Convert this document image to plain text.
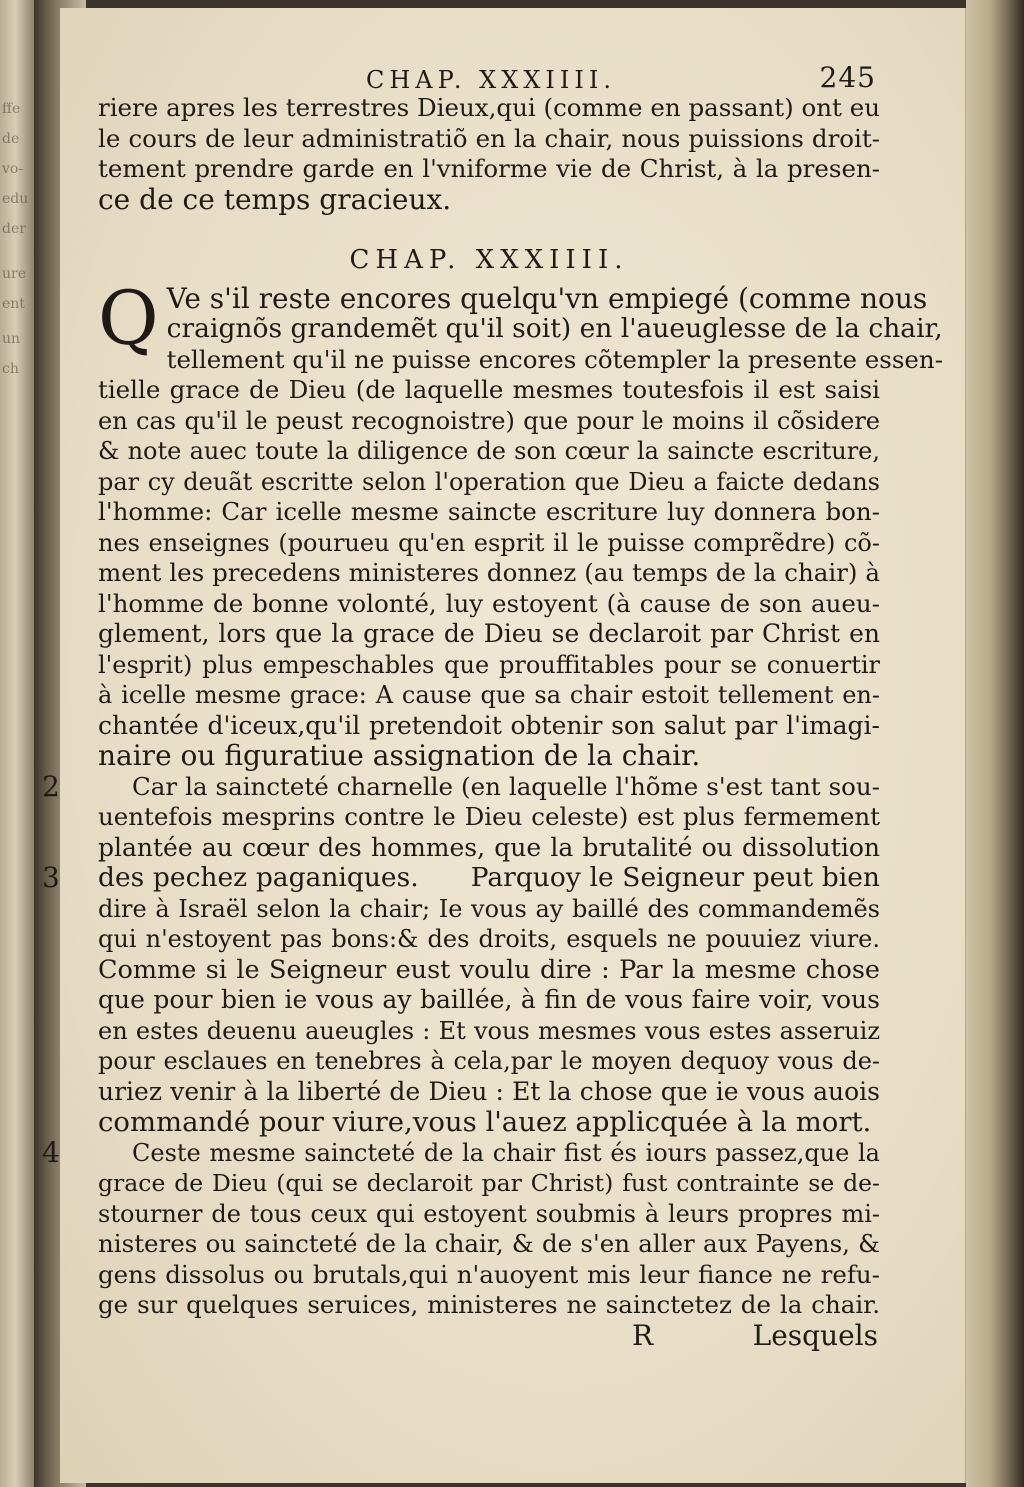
ffe
de
vo-
edu
der
ure
ent
un
ch
CHAP. XXXIIII.	245
riere apres les terrestres Dieux,qui (comme en passant) ont eu
le cours de leur administratiõ en la chair, nous puissions droit-
tement prendre garde en l'vniforme vie de Christ, à la presen-
ce de ce temps gracieux.
CHAP. XXXIIII.
Q Ve s'il reste encores quelqu'vn empiegé (comme nous
craignõs grandemẽt qu'il soit) en l'aueuglesse de la chair,
tellement qu'il ne puisse encores cõtempler la presente essen-
tielle grace de Dieu (de laquelle mesmes toutesfois il est saisi
en cas qu'il le peust recognoistre) que pour le moins il cõsidere
& note auec toute la diligence de son cœur la saincte escriture,
par cy deuãt escritte selon l'operation que Dieu a faicte dedans
l'homme: Car icelle mesme saincte escriture luy donnera bon-
nes enseignes (pourueu qu'en esprit il le puisse comprẽdre) cõ-
ment les precedens ministeres donnez (au temps de la chair) à
l'homme de bonne volonté, luy estoyent (à cause de son aueu-
glement, lors que la grace de Dieu se declaroit par Christ en
l'esprit) plus empeschables que prouffitables pour se conuertir
à icelle mesme grace: A cause que sa chair estoit tellement en-
chantée d'iceux,qu'il pretendoit obtenir son salut par l'imagi-
naire ou figuratiue assignation de la chair.
2	Car la saincteté charnelle (en laquelle l'hõme s'est tant sou-
uentefois mesprins contre le Dieu celeste) est plus fermement
plantée au cœur des hommes, que la brutalité ou dissolution
3 des pechez paganiques.      Parquoy le Seigneur peut bien
dire à Israël selon la chair; Ie vous ay baillé des commandemẽs
qui n'estoyent pas bons:& des droits, esquels ne pouuiez viure.
Comme si le Seigneur eust voulu dire : Par la mesme chose
que pour bien ie vous ay baillée, à fin de vous faire voir, vous
en estes deuenu aueugles : Et vous mesmes vous estes asseruiz
pour esclaues en tenebres à cela,par le moyen dequoy vous de-
uriez venir à la liberté de Dieu : Et la chose que ie vous auois
commandé pour viure,vous l'auez applicquée à la mort.
4	Ceste mesme saincteté de la chair fist és iours passez,que la
grace de Dieu (qui se declaroit par Christ) fust contrainte se de-
stourner de tous ceux qui estoyent soubmis à leurs propres mi-
nisteres ou saincteté de la chair, & de s'en aller aux Payens, &
gens dissolus ou brutals,qui n'auoyent mis leur fiance ne refu-
ge sur quelques seruices, ministeres ne sainctetez de la chair.
R	Lesquels
